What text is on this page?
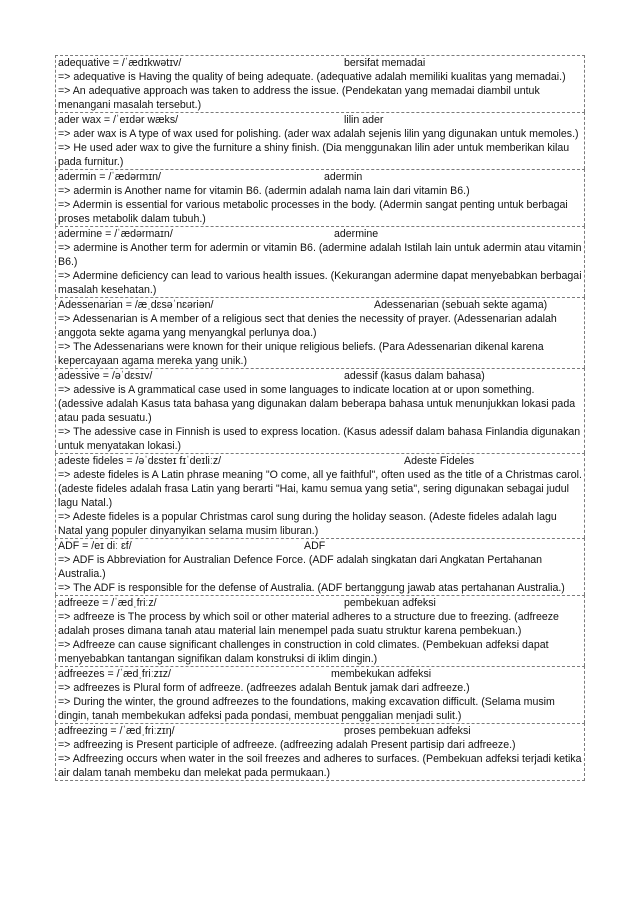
adequative = /ˈædɪkwətɪv/	bersifat memadai

=> adequative is Having the quality of being adequate. (adequative adalah memiliki kualitas yang memadai.)

=> An adequative approach was taken to address the issue. (Pendekatan yang memadai diambil untuk menangani masalah tersebut.)

ader wax = /ˈeɪdər wæks/	lilin ader

=> ader wax is A type of wax used for polishing. (ader wax adalah sejenis lilin yang digunakan untuk memoles.)

=> He used ader wax to give the furniture a shiny finish. (Dia menggunakan lilin ader untuk memberikan kilau pada furnitur.)

adermin = /ˈædərmɪn/	adermin

=> adermin is Another name for vitamin B6. (adermin adalah nama lain dari vitamin B6.)

=> Adermin is essential for various metabolic processes in the body. (Adermin sangat penting untuk berbagai proses metabolik dalam tubuh.)

adermine = /ˈædərmaɪn/	adermine

=> adermine is Another term for adermin or vitamin B6. (adermine adalah Istilah lain untuk adermin atau vitamin B6.)

=> Adermine deficiency can lead to various health issues. (Kekurangan adermine dapat menyebabkan berbagai masalah kesehatan.)

Adessenarian = /æˌdɛsəˈnɛəriən/	Adessenarian (sebuah sekte agama)

=> Adessenarian is A member of a religious sect that denies the necessity of prayer. (Adessenarian adalah anggota sekte agama yang menyangkal perlunya doa.)

=> The Adessenarians were known for their unique religious beliefs. (Para Adessenarian dikenal karena kepercayaan agama mereka yang unik.)

adessive = /əˈdɛsɪv/	adessif (kasus dalam bahasa)

=> adessive is A grammatical case used in some languages to indicate location at or upon something. (adessive adalah Kasus tata bahasa yang digunakan dalam beberapa bahasa untuk menunjukkan lokasi pada atau pada sesuatu.)

=> The adessive case in Finnish is used to express location. (Kasus adessif dalam bahasa Finlandia digunakan untuk menyatakan lokasi.)

adeste fideles = /əˈdɛsteɪ fɪˈdeɪliːz/	Adeste Fideles

=> adeste fideles is A Latin phrase meaning "O come, all ye faithful", often used as the title of a Christmas carol. (adeste fideles adalah frasa Latin yang berarti "Hai, kamu semua yang setia", sering digunakan sebagai judul lagu Natal.)

=> Adeste fideles is a popular Christmas carol sung during the holiday season. (Adeste fideles adalah lagu Natal yang populer dinyanyikan selama musim liburan.)

ADF = /eɪ diː ɛf/	ADF

=> ADF is Abbreviation for Australian Defence Force. (ADF adalah singkatan dari Angkatan Pertahanan Australia.)

=> The ADF is responsible for the defense of Australia. (ADF bertanggung jawab atas pertahanan Australia.)

adfreeze = /ˈædˌfriːz/	pembekuan adfeksi

=> adfreeze is The process by which soil or other material adheres to a structure due to freezing. (adfreeze adalah proses dimana tanah atau material lain menempel pada suatu struktur karena pembekuan.)

=> Adfreeze can cause significant challenges in construction in cold climates. (Pembekuan adfeksi dapat menyebabkan tantangan signifikan dalam konstruksi di iklim dingin.)

adfreezes = /ˈædˌfriːzɪz/	membekukan adfeksi

=> adfreezes is Plural form of adfreeze. (adfreezes adalah Bentuk jamak dari adfreeze.)

=> During the winter, the ground adfreezes to the foundations, making excavation difficult. (Selama musim dingin, tanah membekukan adfeksi pada pondasi, membuat penggalian menjadi sulit.)

adfreezing = /ˈædˌfriːzɪŋ/	proses pembekuan adfeksi

=> adfreezing is Present participle of adfreeze. (adfreezing adalah Present partisip dari adfreeze.)

=> Adfreezing occurs when water in the soil freezes and adheres to surfaces. (Pembekuan adfeksi terjadi ketika air dalam tanah membeku dan melekat pada permukaan.)
